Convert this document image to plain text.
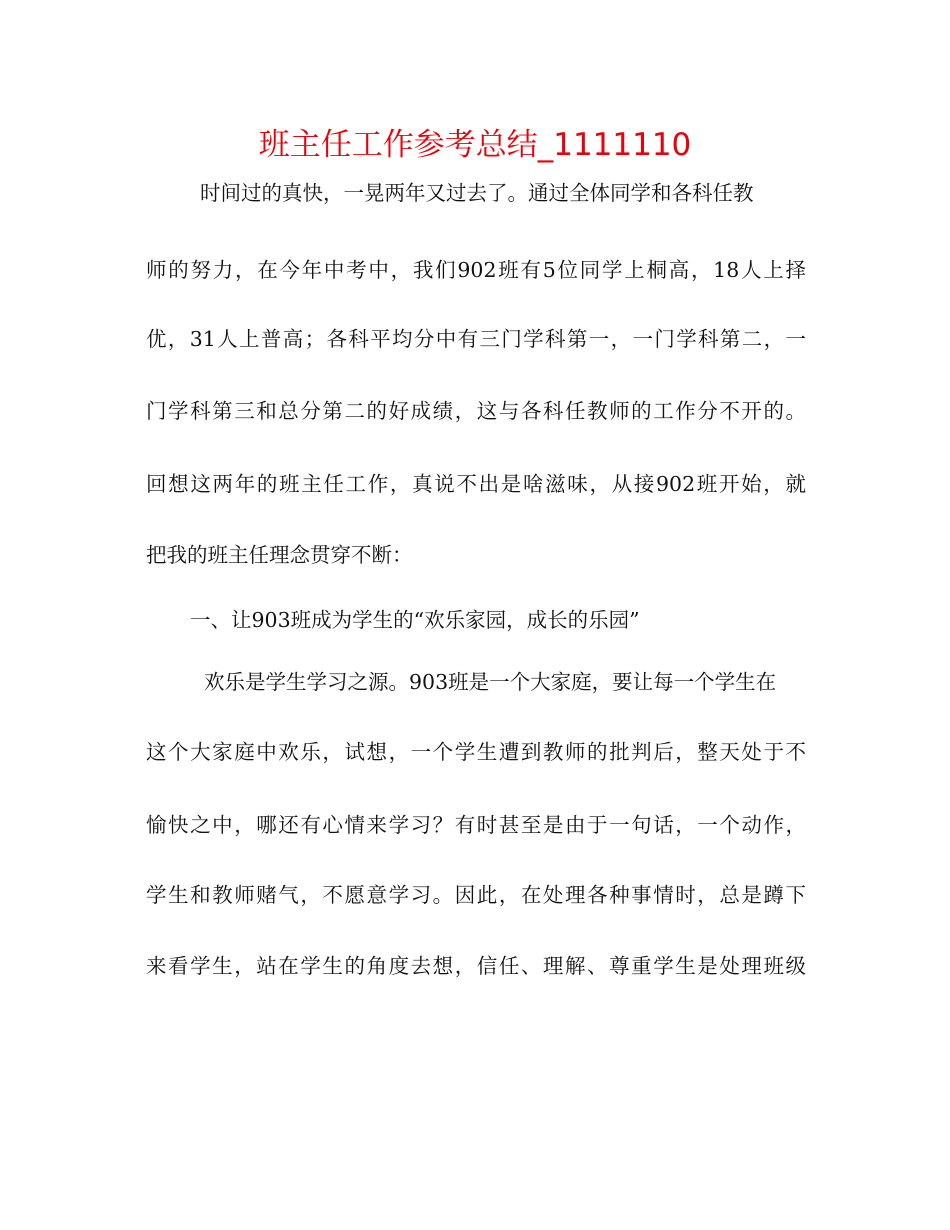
班主任工作参考总结_1111110
时间过的真快，一晃两年又过去了。通过全体同学和各科任教
师的努力，在今年中考中，我们902班有5位同学上桐高，18人上择
优，31人上普高；各科平均分中有三门学科第一，一门学科第二，一
门学科第三和总分第二的好成绩，这与各科任教师的工作分不开的。
回想这两年的班主任工作，真说不出是啥滋味，从接902班开始，就
把我的班主任理念贯穿不断：
一、让903班成为学生的“欢乐家园，成长的乐园”
欢乐是学生学习之源。903班是一个大家庭，要让每一个学生在
这个大家庭中欢乐，试想，一个学生遭到教师的批判后，整天处于不
愉快之中，哪还有心情来学习？有时甚至是由于一句话，一个动作，
学生和教师赌气，不愿意学习。因此，在处理各种事情时，总是蹲下
来看学生，站在学生的角度去想，信任、理解、尊重学生是处理班级
